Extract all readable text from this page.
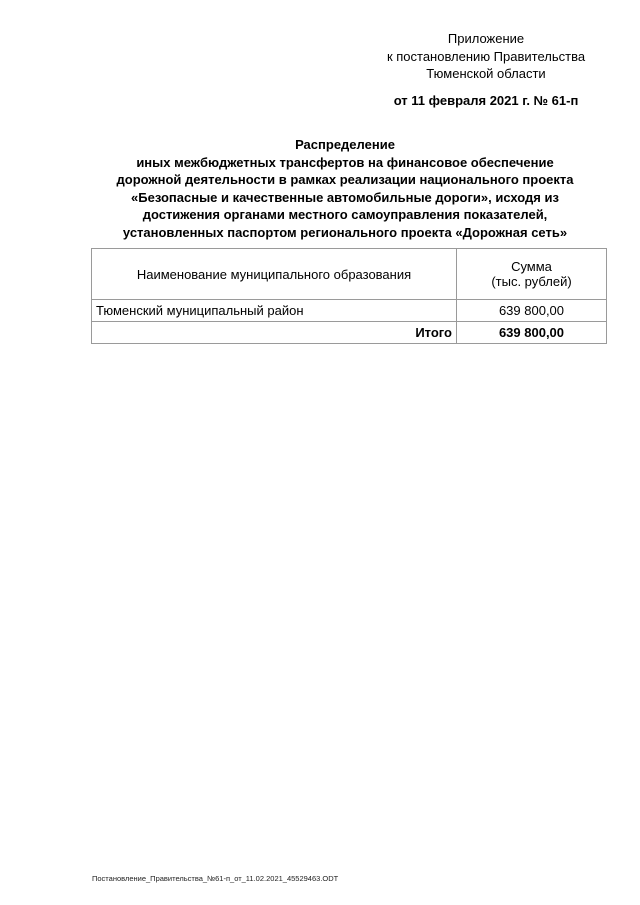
Приложение
к постановлению Правительства
Тюменской области
от 11 февраля 2021 г. № 61-п
Распределение
иных межбюджетных трансфертов на финансовое обеспечение
дорожной деятельности в рамках реализации национального проекта
«Безопасные и качественные автомобильные дороги», исходя из
достижения органами местного самоуправления показателей,
установленных паспортом регионального проекта «Дорожная сеть»
Наименование муниципального образования	Сумма
(тыс. рублей)

Тюменский муниципальный район	639 800,00
Итого	639 800,00
Постановление_Правительства_№61-п_от_11.02.2021_45529463.ODT
